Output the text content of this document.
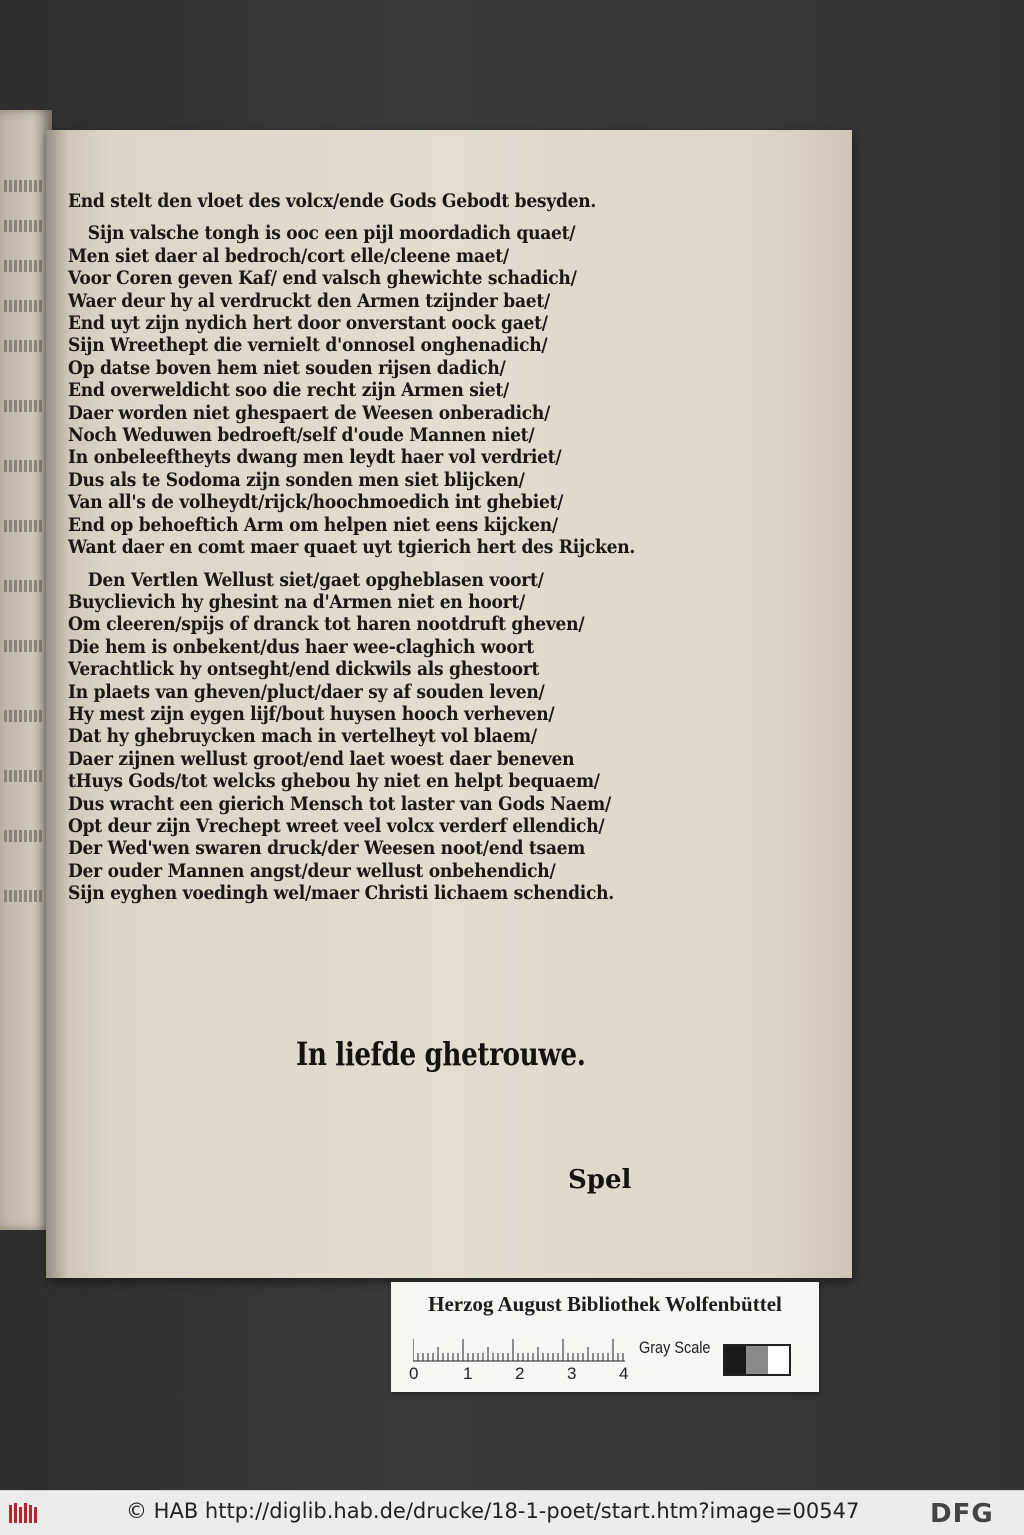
End stelt den vloet des volcx/ende Gods Gebodt besyden.
Sijn valsche tongh is ooc een pijl moordadich quaet/
Men siet daer al bedroch/cort elle/cleene maet/
Voor Coren geven Kaf/ end valsch ghewichte schadich/
Waer deur hy al verdruckt den Armen tzijnder baet/
End uyt zijn nydich hert door onverstant oock gaet/
Sijn Wreethept die vernielt d'onnosel onghenadich/
Op datse boven hem niet souden rijsen dadich/
End overweldicht soo die recht zijn Armen siet/
Daer worden niet ghespaert de Weesen onberadich/
Noch Weduwen bedroeft/self d'oude Mannen niet/
In onbeleeftheyts dwang men leydt haer vol verdriet/
Dus als te Sodoma zijn sonden men siet blijcken/
Van all's de volheydt/rijck/hoochmoedich int ghebiet/
End op behoeftich Arm om helpen niet eens kijcken/
Want daer en comt maer quaet uyt tgierich hert des Rijcken.
Den Vertlen Wellust siet/gaet opgheblasen voort/
Buyclievich hy ghesint na d'Armen niet en hoort/
Om cleeren/spijs of dranck tot haren nootdruft gheven/
Die hem is onbekent/dus haer wee-claghich woort
Verachtlick hy ontseght/end dickwils als ghestoort
In plaets van gheven/pluct/daer sy af souden leven/
Hy mest zijn eygen lijf/bout huysen hooch verheven/
Dat hy ghebruycken mach in vertelheyt vol blaem/
Daer zijnen wellust groot/end laet woest daer beneven
tHuys Gods/tot welcks ghebou hy niet en helpt bequaem/
Dus wracht een gierich Mensch tot laster van Gods Naem/
Opt deur zijn Vrechept wreet veel volcx verderf ellendich/
Der Wed'wen swaren druck/der Weesen noot/end tsaem
Der ouder Mannen angst/deur wellust onbehendich/
Sijn eyghen voedingh wel/maer Christi lichaem schendich.
In liefde ghetrouwe.
Spel
Herzog August Bibliothek Wolfenbüttel
0	1	2	3	4
Gray Scale
© HAB http://diglib.hab.de/drucke/18-1-poet/start.htm?image=00547	DFG
